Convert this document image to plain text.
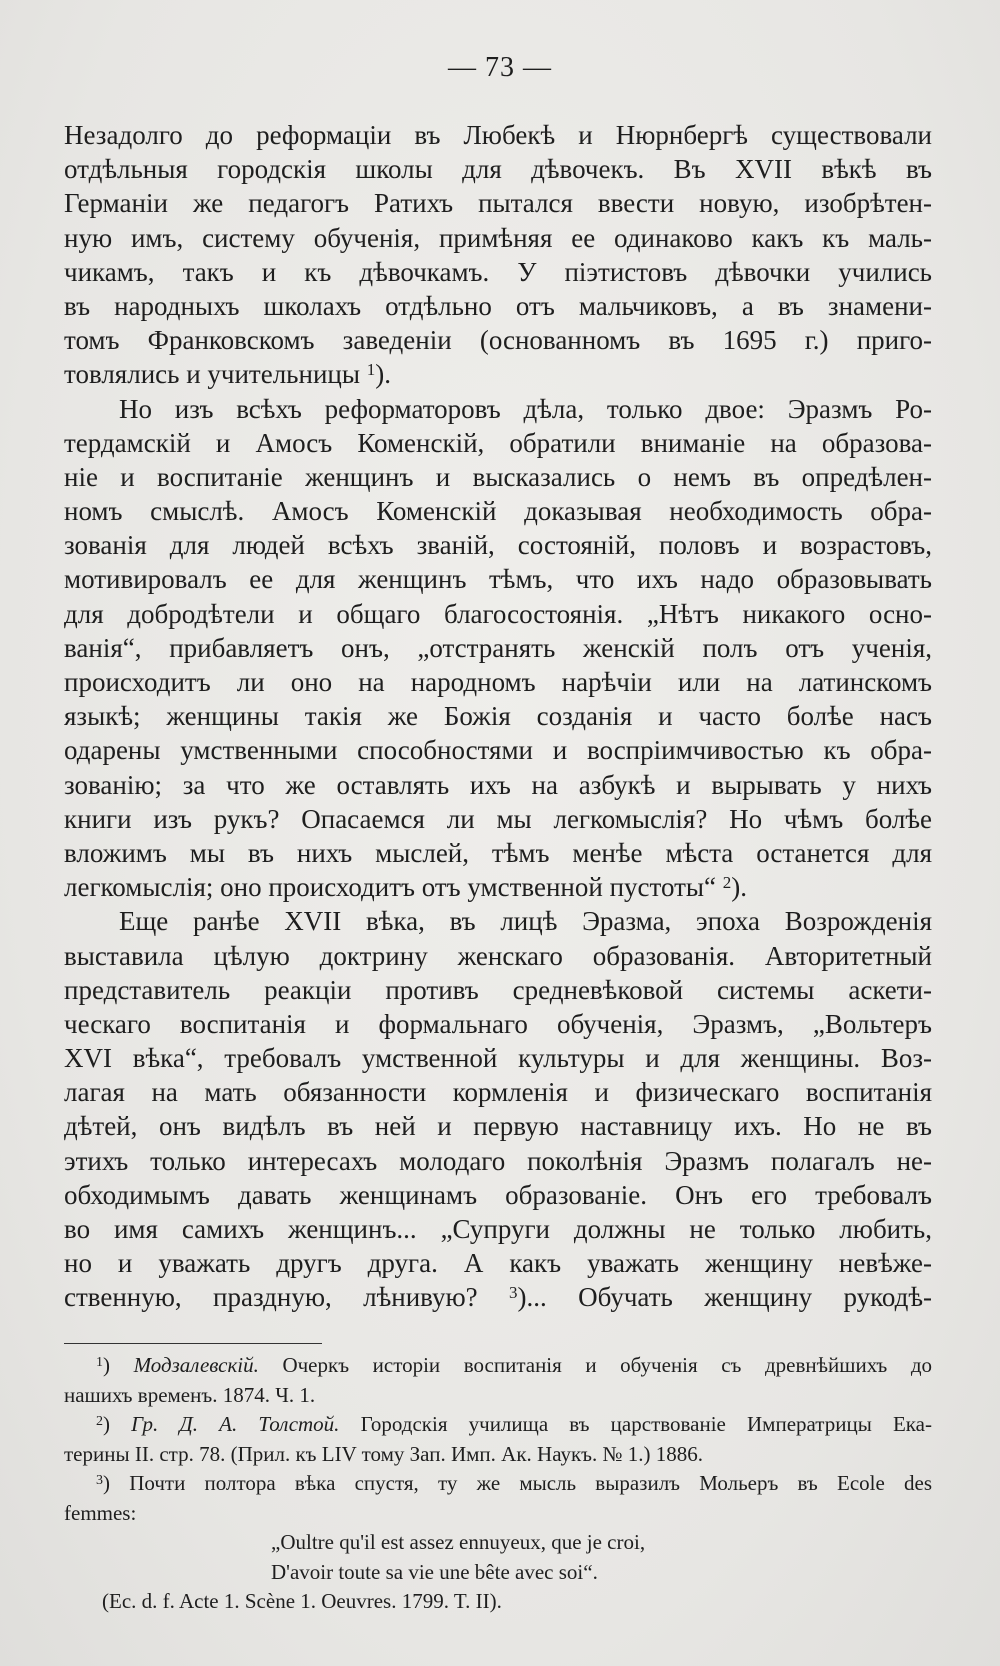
— 73 —
Незадолго до реформаціи въ Любекѣ и Нюрнбергѣ существовали
отдѣльныя городскія школы для дѣвочекъ. Въ XVII вѣкѣ въ
Германіи же педагогъ Ратихъ пытался ввести новую, изобрѣтен-
ную имъ, систему обученія, примѣняя ее одинаково какъ къ маль-
чикамъ, такъ и къ дѣвочкамъ. У піэтистовъ дѣвочки учились
въ народныхъ школахъ отдѣльно отъ мальчиковъ, а въ знамени-
томъ Франковскомъ заведеніи (основанномъ въ 1695 г.) приго-
товлялись и учительницы $^1$).
Но изъ всѣхъ реформаторовъ дѣла, только двое: Эразмъ Ро-
тердамскій и Амосъ Коменскій, обратили вниманіе на образова-
ніе и воспитаніе женщинъ и высказались о немъ въ опредѣлен-
номъ смыслѣ. Амосъ Коменскій доказывая необходимость обра-
зованія для людей всѣхъ званій, состояній, половъ и возрастовъ,
мотивировалъ ее для женщинъ тѣмъ, что ихъ надо образовывать
для добродѣтели и общаго благосостоянія. „Нѣтъ никакого осно-
ванія“, прибавляетъ онъ, „отстранять женскій полъ отъ ученія,
происходитъ ли оно на народномъ нарѣчіи или на латинскомъ
языкѣ; женщины такія же Божія созданія и часто болѣе насъ
одарены умственными способностями и воспріимчивостью къ обра-
зованію; за что же оставлять ихъ на азбукѣ и вырывать у нихъ
книги изъ рукъ? Опасаемся ли мы легкомыслія? Но чѣмъ болѣе
вложимъ мы въ нихъ мыслей, тѣмъ менѣе мѣста останется для
легкомыслія; оно происходитъ отъ умственной пустоты“ $^2$).
Еще ранѣе XVII вѣка, въ лицѣ Эразма, эпоха Возрожденія
выставила цѣлую доктрину женскаго образованія. Авторитетный
представитель реакціи противъ средневѣковой системы аскети-
ческаго воспитанія и формальнаго обученія, Эразмъ, „Вольтеръ
XVI вѣка“, требовалъ умственной культуры и для женщины. Воз-
лагая на мать обязанности кормленія и физическаго воспитанія
дѣтей, онъ видѣлъ въ ней и первую наставницу ихъ. Но не въ
этихъ только интересахъ молодаго поколѣнія Эразмъ полагалъ не-
обходимымъ давать женщинамъ образованіе. Онъ его требовалъ
во имя самихъ женщинъ... „Супруги должны не только любить,
но и уважать другъ друга. А какъ уважать женщину невѣже-
ственную, праздную, лѣнивую? $^3$)... Обучать женщину рукодѣ-
$^1$) Модзалевскій. Очеркъ исторіи воспитанія и обученія съ древнѣйшихъ до
нашихъ временъ. 1874. Ч. 1.
$^2$) Гр. Д. А. Толстой. Городскія училища въ царствованіе Императрицы Ека-
терины II. стр. 78. (Прил. къ LIV тому Зап. Имп. Ак. Наукъ. № 1.) 1886.
$^3$) Почти полтора вѣка спустя, ту же мысль выразилъ Мольеръ въ Ecole des
femmes:
„Oultre qu'il est assez ennuyeux, que je croi,
D'avoir toute sa vie une bête avec soi“.
(Ec. d. f. Acte 1. Scène 1. Oeuvres. 1799. T. II).
